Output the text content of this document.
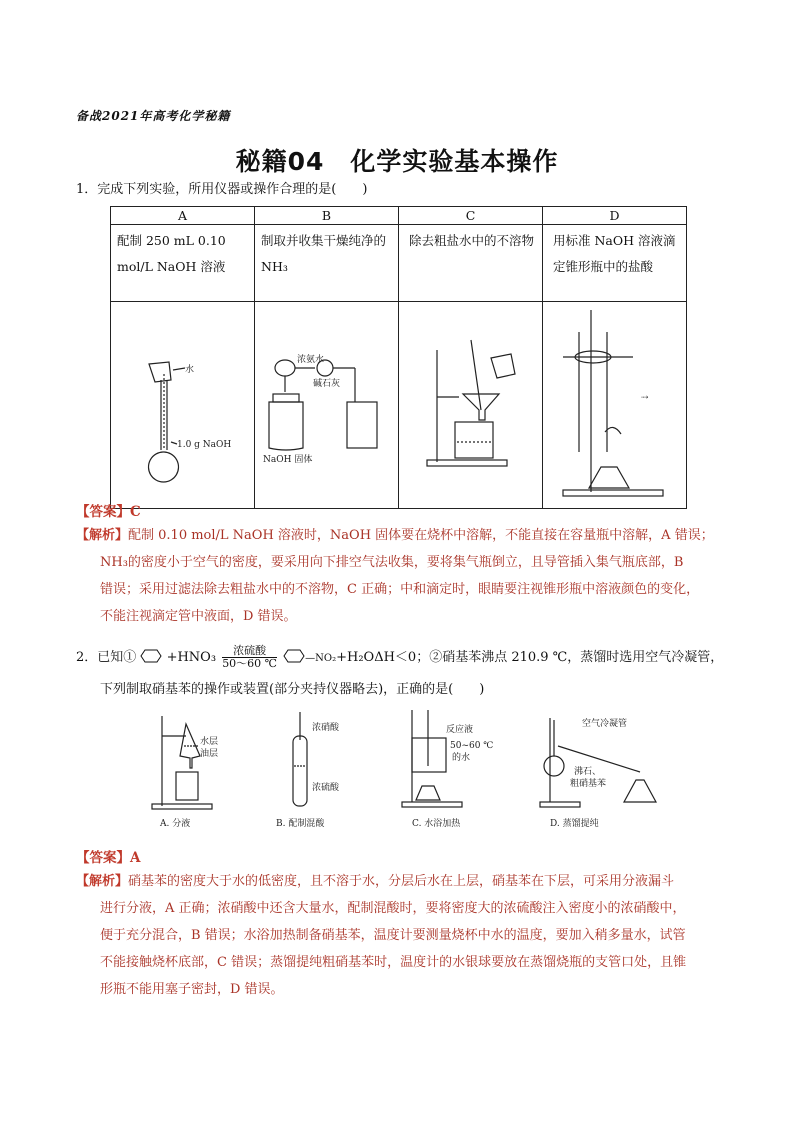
备战2021年高考化学秘籍
秘籍04　化学实验基本操作
1．完成下列实验，所用仪器或操作合理的是(　　)
A	B	C	D
配制 250 mL 0.10 mol/L NaOH 溶液	制取并收集干燥纯净的 NH₃	除去粗盐水中的不溶物	用标准 NaOH 溶液滴定锥形瓶中的盐酸

水
1.0 g NaOH	浓氨水
碱石灰
NaOH 固体		⇢
【答案】C
【解析】配制 0.10 mol/L NaOH 溶液时，NaOH 固体要在烧杯中溶解，不能直接在容量瓶中溶解，A 错误；
NH₃的密度小于空气的密度，要采用向下排空气法收集，要将集气瓶倒立，且导管插入集气瓶底部，B
错误；采用过滤法除去粗盐水中的不溶物，C 正确；中和滴定时，眼睛要注视锥形瓶中溶液颜色的变化，
不能注视滴定管中液面，D 错误。
2．已知① +HNO₃	浓硫酸
50～60 ℃	—NO₂+H₂OΔH＜0；②硝基苯沸点 210.9 ℃，蒸馏时选用空气冷凝管，
下列制取硝基苯的操作或装置(部分夹持仪器略去)，正确的是(　　)
水层
油层
A. 分液
浓硝酸
浓硫酸
B. 配制混酸
反应液
50~60 ℃
的水
C. 水浴加热
空气冷凝管
沸石、
粗硝基苯
D. 蒸馏提纯
【答案】A
【解析】硝基苯的密度大于水的低密度，且不溶于水，分层后水在上层，硝基苯在下层，可采用分液漏斗
进行分液，A 正确；浓硝酸中还含大量水，配制混酸时，要将密度大的浓硫酸注入密度小的浓硝酸中，
便于充分混合，B 错误；水浴加热制备硝基苯，温度计要测量烧杯中水的温度，要加入稍多量水，试管
不能接触烧杯底部，C 错误；蒸馏提纯粗硝基苯时，温度计的水银球要放在蒸馏烧瓶的支管口处，且锥
形瓶不能用塞子密封，D 错误。
